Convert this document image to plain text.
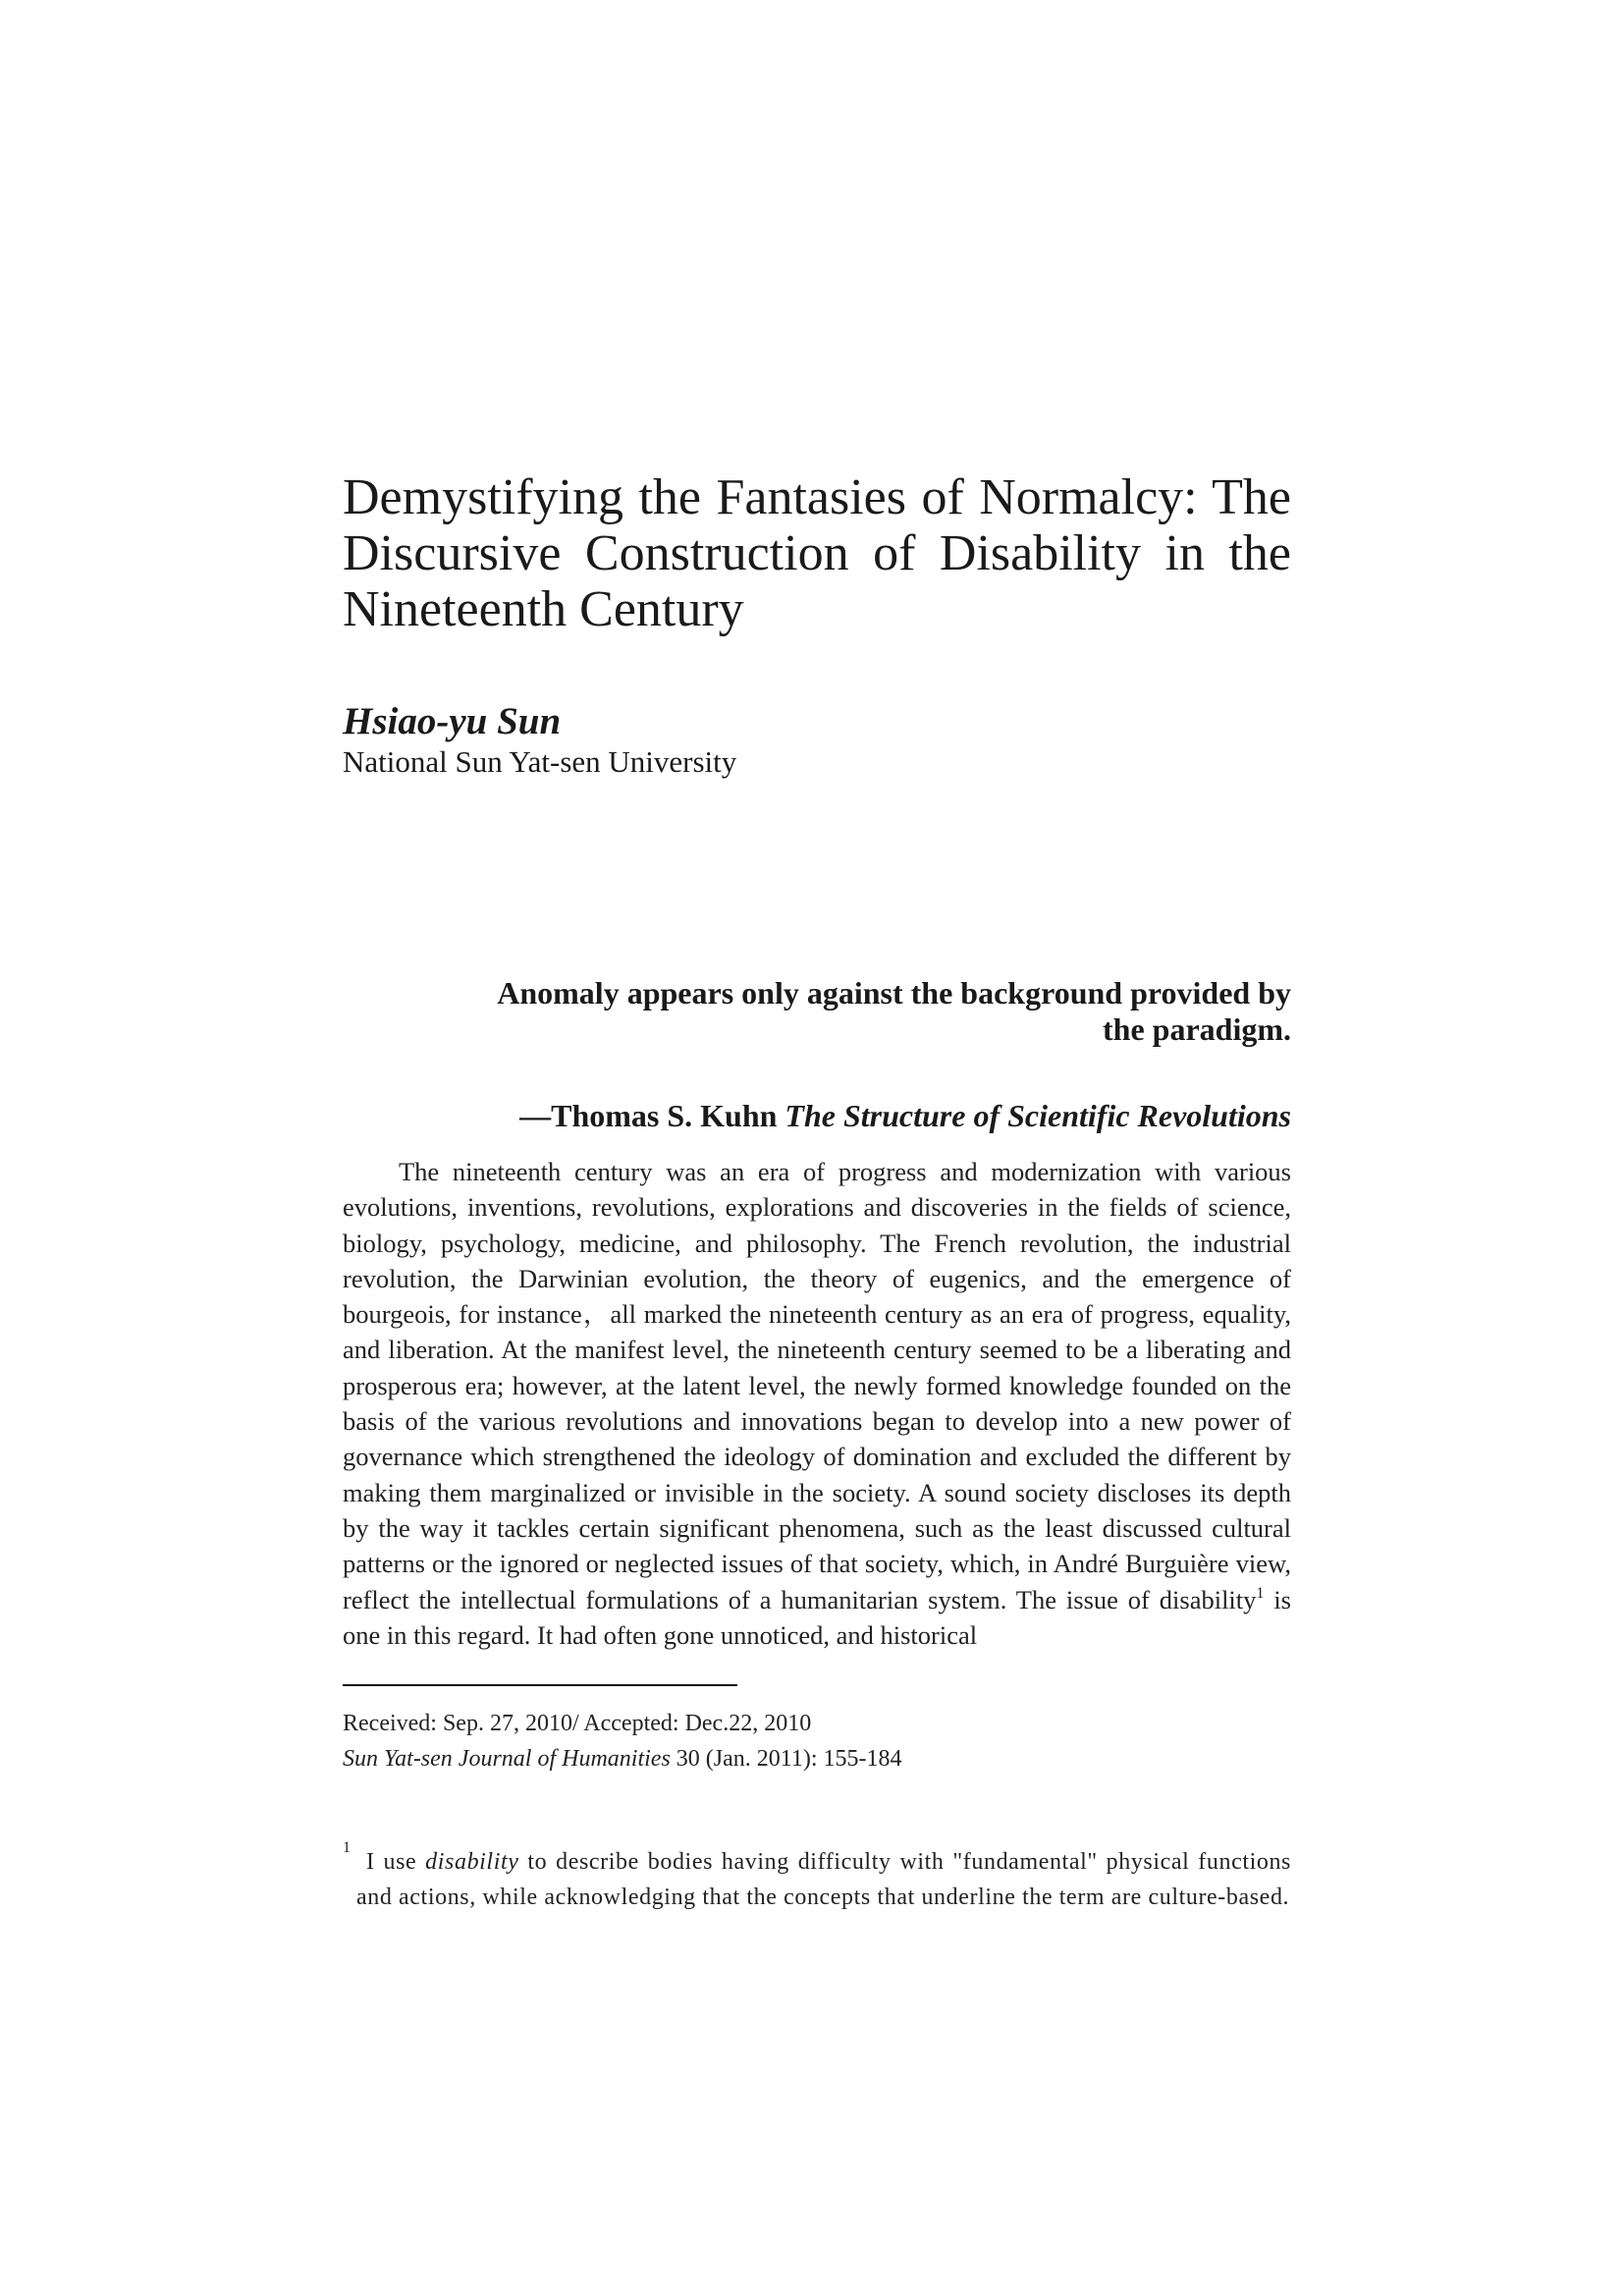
Demystifying the Fantasies of Normalcy: The
Discursive Construction of Disability in the
Nineteenth Century
Hsiao-yu Sun
National Sun Yat-sen University
Anomaly appears only against the background provided by
the paradigm.
—Thomas S. Kuhn The Structure of Scientific Revolutions

The nineteenth century was an era of progress and modernization with various evolutions, inventions, revolutions, explorations and discoveries in the fields of science, biology, psychology, medicine, and philosophy. The French revolution, the industrial revolution, the Darwinian evolution, the theory of eugenics, and the emergence of bourgeois, for instance，all marked the nineteenth century as an era of progress, equality, and liberation. At the manifest level, the nineteenth century seemed to be a liberating and prosperous era; however, at the latent level, the newly formed knowledge founded on the basis of the various revolutions and innovations began to develop into a new power of governance which strengthened the ideology of domination and excluded the different by making them marginalized or invisible in the society. A sound society discloses its depth by the way it tackles certain significant phenomena, such as the least discussed cultural patterns or the ignored or neglected issues of that society, which, in André Burguière view, reflect the intellectual formulations of a humanitarian system. The issue of disability$^1$ is one in this regard. It had often gone unnoticed, and historical

Received: Sep. 27, 2010/ Accepted: Dec.22, 2010
Sun Yat-sen Journal of Humanities 30 (Jan. 2011): 155-184
1
I use disability to describe bodies having difficulty with "fundamental" physical functions and actions, while acknowledging that the concepts that underline the term are culture-based.
